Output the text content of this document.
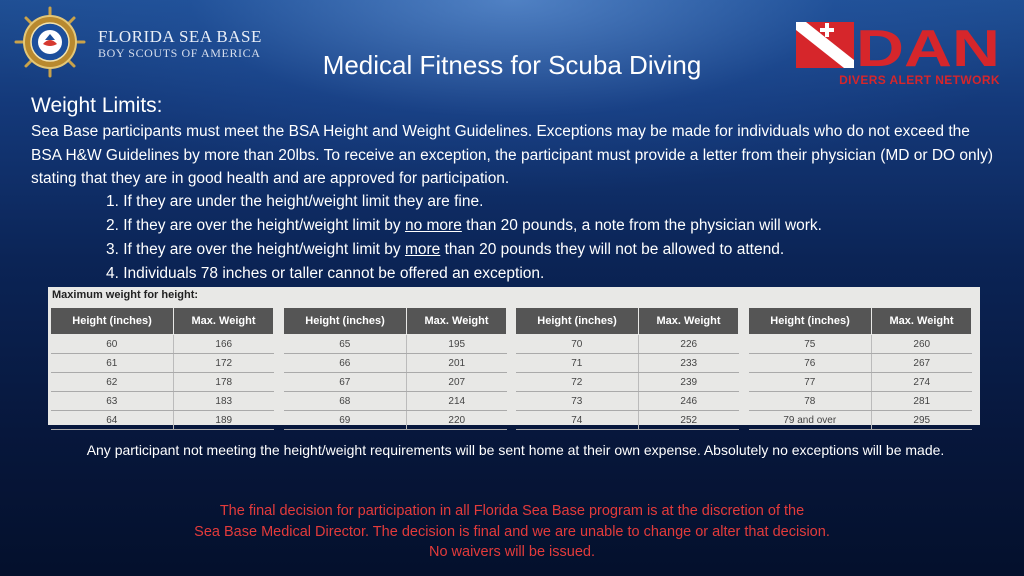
FLORIDA SEA BASE
BOY SCOUTS OF AMERICA	Medical Fitness for Scuba Diving	DAN
DIVERS ALERT NETWORK
Weight Limits:
Sea Base participants must meet the BSA Height and Weight Guidelines. Exceptions may be made for individuals who do not exceed the BSA H&W Guidelines by more than 20lbs. To receive an exception, the participant must provide a letter from their physician (MD or DO only) stating that they are in good health and are approved for participation.
1. If they are under the height/weight limit they are fine.
2. If they are over the height/weight limit by no more than 20 pounds, a note from the physician will work.
3. If they are over the height/weight limit by more than 20 pounds they will not be allowed to attend.
4. Individuals 78 inches or taller cannot be offered an exception.
Maximum weight for height:
Height (inches)	Max. Weight
60	166
61	172
62	178
63	183
64	189
Height (inches)	Max. Weight
65	195
66	201
67	207
68	214
69	220
Height (inches)	Max. Weight
70	226
71	233
72	239
73	246
74	252
Height (inches)	Max. Weight
75	260
76	267
77	274
78	281
79 and over	295
Any participant not meeting the height/weight requirements will be sent home at their own expense. Absolutely no exceptions will be made.
The final decision for participation in all Florida Sea Base program is at the discretion of the
Sea Base Medical Director. The decision is final and we are unable to change or alter that decision.
No waivers will be issued.
